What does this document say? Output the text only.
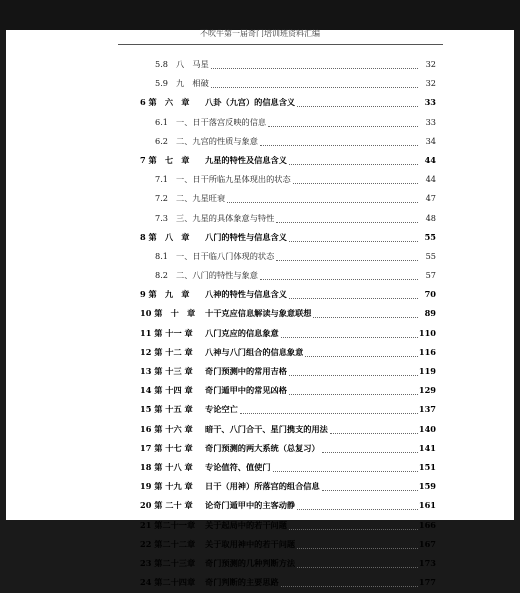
不吹牛第一届奇门培训班资料汇编
5.8 八　马星	32
5.9 九　相破	32
6 第　六　章 八卦（九宫）的信息含义	33
6.1 一、日干落宫反映的信息	33
6.2 二、九宫的性质与象意	34
7 第　七　章 九星的特性及信息含义	44
7.1 一、日干所临九星体现出的状态	44
7.2 二、九星旺衰	47
7.3 三、九星的具体象意与特性	48
8 第　八　章 八门的特性与信息含义	55
8.1 一、日干临八门体现的状态	55
8.2 二、八门的特性与象意	57
9 第　九　章 八神的特性与信息含义	70
10 第　十　章 十干克应信息解读与象意联想	89
11 第 十一 章 八门克应的信息象意	110
12 第 十二 章 八神与八门组合的信息象意	116
13 第 十三 章 奇门预测中的常用吉格	119
14 第 十四 章 奇门遁甲中的常见凶格	129
15 第 十五 章 专论空亡	137
16 第 十六 章 暗干、八门合干、星门携支的用法	140
17 第 十七 章 奇门预测的两大系统（总复习）	141
18 第 十八 章 专论值符、值使门	151
19 第 十九 章 日干（用神）所落宫的组合信息	159
20 第 二十 章 论奇门遁甲中的主客动静	161
21 第二十一章 关于起局中的若干问题	166
22 第二十二章 关于取用神中的若干问题	167
23 第二十三章 奇门预测的几种判断方法	173
24 第二十四章 奇门判断的主要思路	177
